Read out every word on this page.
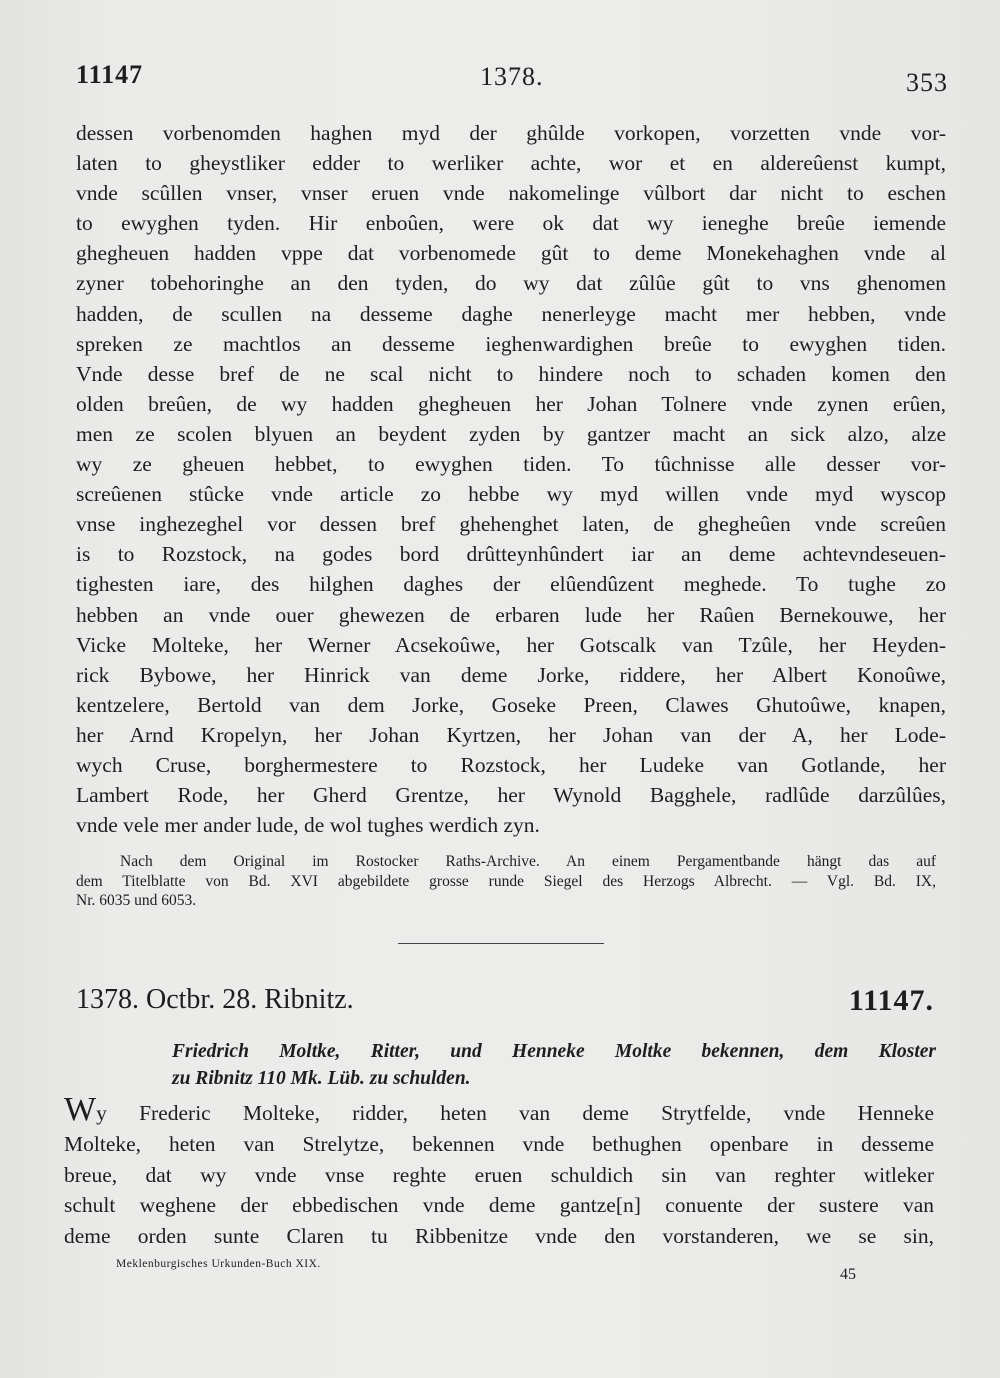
11147	1378.	353
dessen vorbenomden haghen myd der ghûlde vorkopen, vorzetten vnde vor-
laten to gheystliker edder to werliker achte, wor et en aldereûenst kumpt,
vnde scûllen vnser, vnser eruen vnde nakomelinge vûlbort dar nicht to eschen
to ewyghen tyden. Hir enboûen, were ok dat wy ieneghe breûe iemende
ghegheuen hadden vppe dat vorbenomede gût to deme Monekehaghen vnde al
zyner tobehoringhe an den tyden, do wy dat zûlûe gût to vns ghenomen
hadden, de scullen na desseme daghe nenerleyge macht mer hebben, vnde
spreken ze machtlos an desseme ieghenwardighen breûe to ewyghen tiden.
Vnde desse bref de ne scal nicht to hindere noch to schaden komen den
olden breûen, de wy hadden ghegheuen her Johan Tolnere vnde zynen erûen,
men ze scolen blyuen an beydent zyden by gantzer macht an sick alzo, alze
wy ze gheuen hebbet, to ewyghen tiden. To tûchnisse alle desser vor-
screûenen stûcke vnde article zo hebbe wy myd willen vnde myd wyscop
vnse inghezeghel vor dessen bref ghehenghet laten, de ghegheûen vnde screûen
is to Rozstock, na godes bord drûtteynhûndert iar an deme achtevndeseuen-
tighesten iare, des hilghen daghes der elûendûzent meghede. To tughe zo
hebben an vnde ouer ghewezen de erbaren lude her Raûen Bernekouwe, her
Vicke Molteke, her Werner Acsekoûwe, her Gotscalk van Tzûle, her Heyden-
rick Bybowe, her Hinrick van deme Jorke, riddere, her Albert Konoûwe,
kentzelere, Bertold van dem Jorke, Goseke Preen, Clawes Ghutoûwe, knapen,
her Arnd Kropelyn, her Johan Kyrtzen, her Johan van der A, her Lode-
wych Cruse, borghermestere to Rozstock, her Ludeke van Gotlande, her
Lambert Rode, her Gherd Grentze, her Wynold Bagghele, radlûde darzûlûes,
vnde vele mer ander lude, de wol tughes werdich zyn.
Nach dem Original im Rostocker Raths-Archive. An einem Pergamentbande hängt das auf
dem Titelblatte von Bd. XVI abgebildete grosse runde Siegel des Herzogs Albrecht. — Vgl. Bd. IX,
Nr. 6035 und 6053.
1378. Octbr. 28. Ribnitz.	11147.
Friedrich Moltke, Ritter, und Henneke Moltke bekennen, dem Kloster
zu Ribnitz 110 Mk. Lüb. zu schulden.
Wy Frederic Molteke, ridder, heten van deme Strytfelde, vnde Henneke
Molteke, heten van Strelytze, bekennen vnde bethughen openbare in desseme
breue, dat wy vnde vnse reghte eruen schuldich sin van reghter witleker
schult weghene der ebbedischen vnde deme gantze[n] conuente der sustere van
deme orden sunte Claren tu Ribbenitze vnde den vorstanderen, we se sin,
Meklenburgisches Urkunden-Buch XIX.
45
